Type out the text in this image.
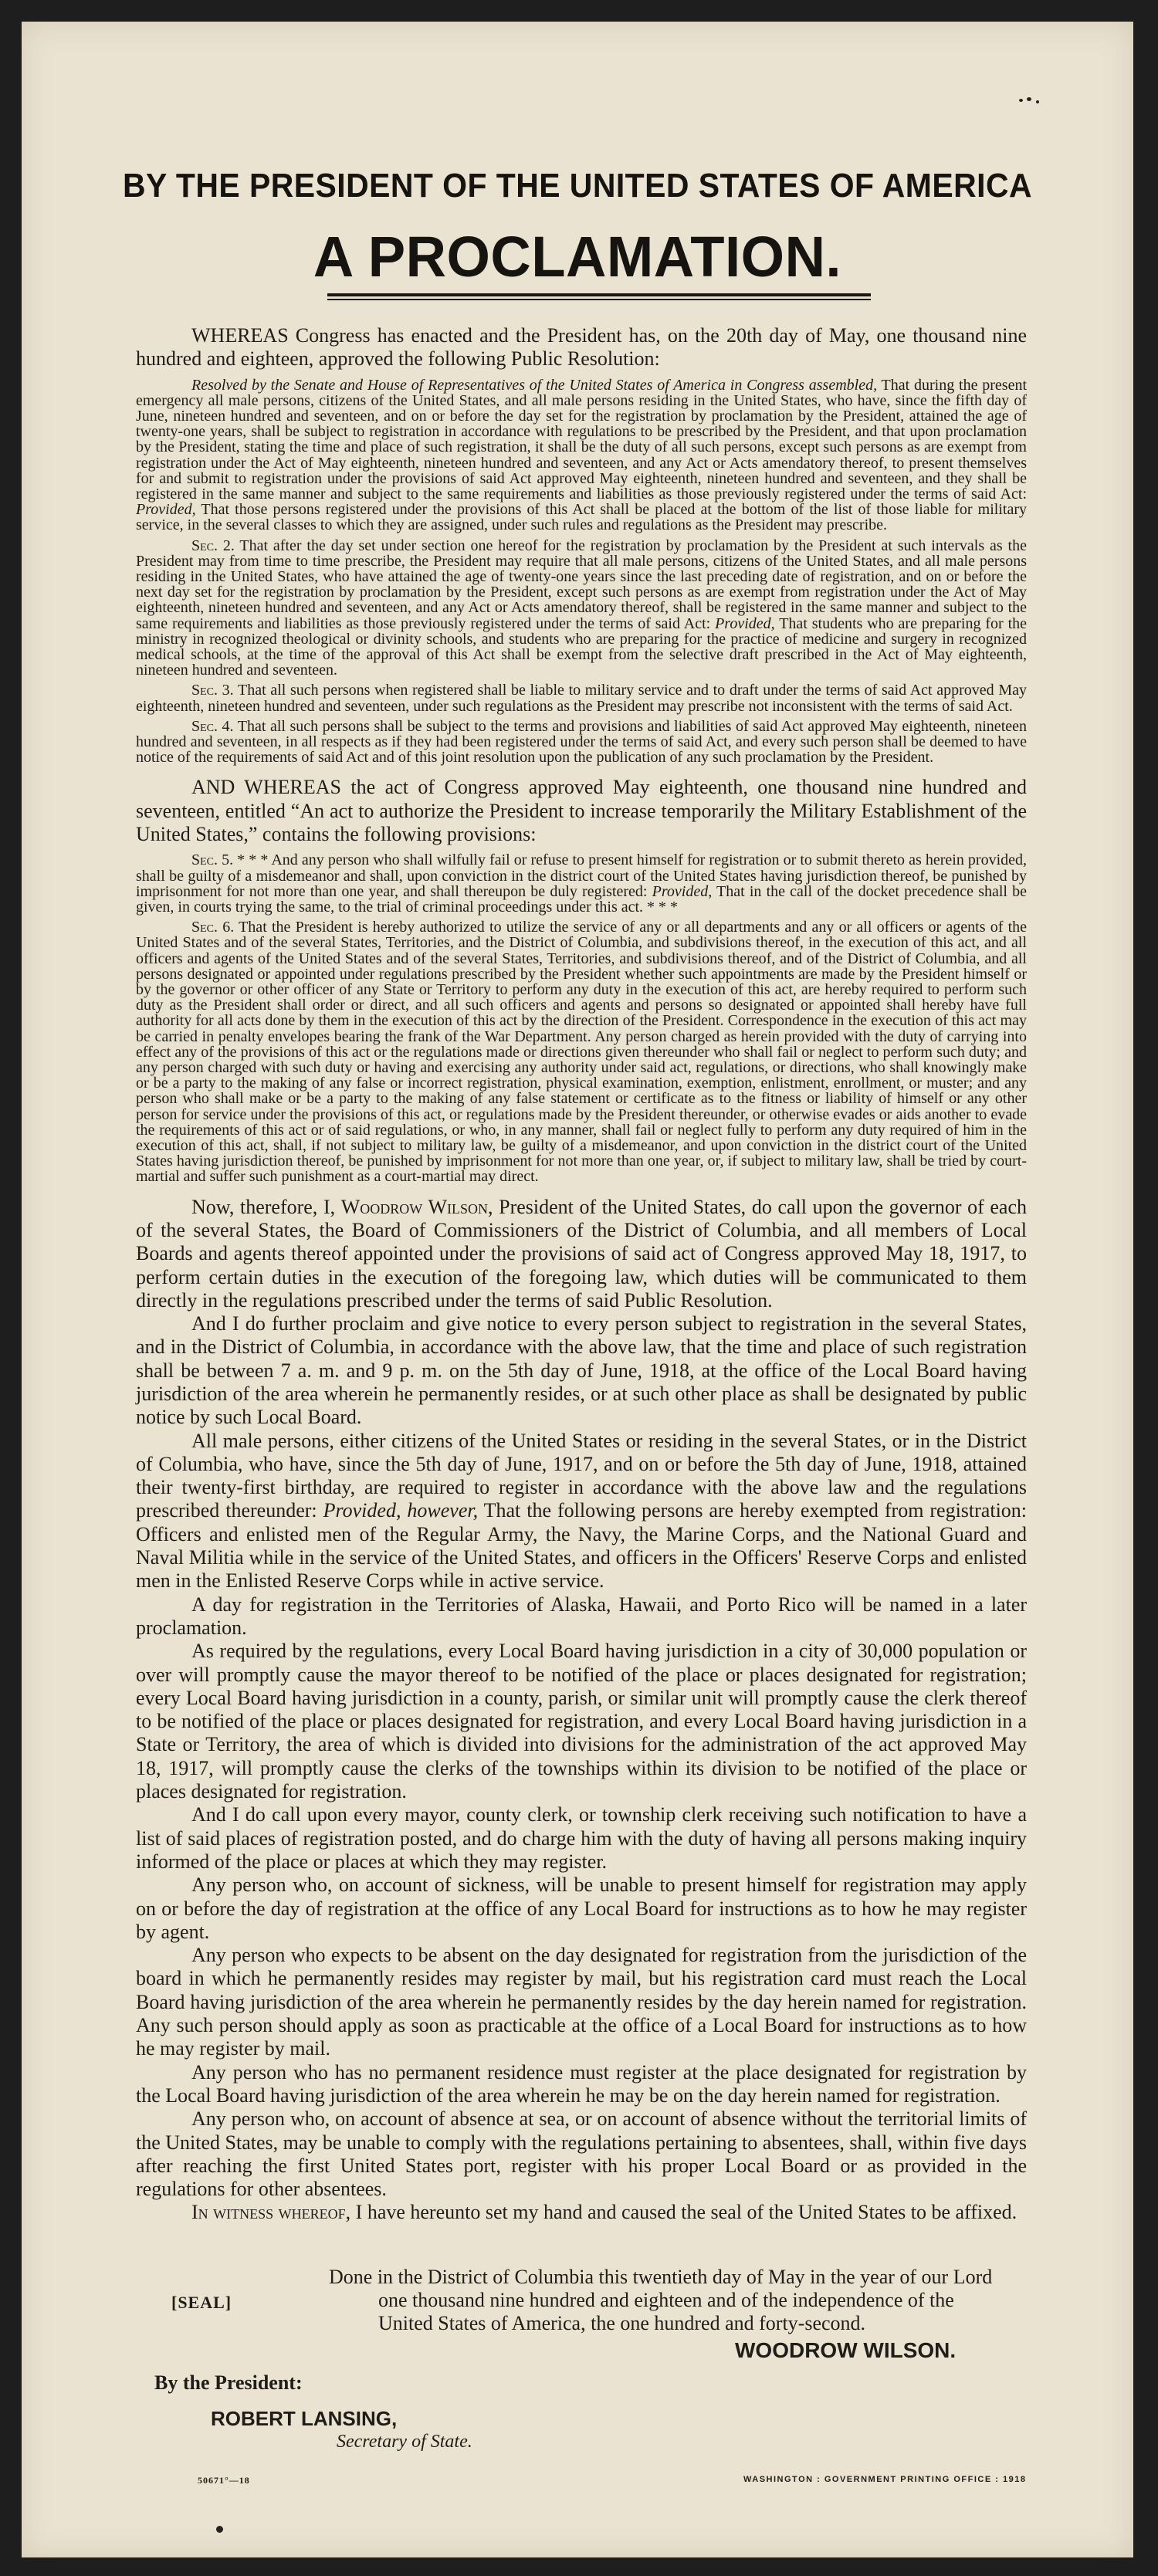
BY THE PRESIDENT OF THE UNITED STATES OF AMERICA
A PROCLAMATION.

WHEREAS Congress has enacted and the President has, on the 20th day of May, one thousand nine hundred and eighteen, approved the following Public Resolution:

Resolved by the Senate and House of Representatives of the United States of America in Congress assembled, That during the present emergency all male persons, citizens of the United States, and all male persons residing in the United States, who have, since the fifth day of June, nineteen hundred and seventeen, and on or before the day set for the registration by proclamation by the President, attained the age of twenty-one years, shall be subject to registration in accordance with regulations to be prescribed by the President, and that upon proclamation by the President, stating the time and place of such registration, it shall be the duty of all such persons, except such persons as are exempt from registration under the Act of May eighteenth, nineteen hundred and seventeen, and any Act or Acts amendatory thereof, to present themselves for and submit to registration under the provisions of said Act approved May eighteenth, nineteen hundred and seventeen, and they shall be registered in the same manner and subject to the same requirements and liabilities as those previously registered under the terms of said Act: Provided, That those persons registered under the provisions of this Act shall be placed at the bottom of the list of those liable for military service, in the several classes to which they are assigned, under such rules and regulations as the President may prescribe.

Sec. 2. That after the day set under section one hereof for the registration by proclamation by the President at such intervals as the President may from time to time prescribe, the President may require that all male persons, citizens of the United States, and all male persons residing in the United States, who have attained the age of twenty-one years since the last preceding date of registration, and on or before the next day set for the registration by proclamation by the President, except such persons as are exempt from registration under the Act of May eighteenth, nineteen hundred and seventeen, and any Act or Acts amendatory thereof, shall be registered in the same manner and subject to the same requirements and liabilities as those previously registered under the terms of said Act: Provided, That students who are preparing for the ministry in recognized theological or divinity schools, and students who are preparing for the practice of medicine and surgery in recognized medical schools, at the time of the approval of this Act shall be exempt from the selective draft prescribed in the Act of May eighteenth, nineteen hundred and seventeen.

Sec. 3. That all such persons when registered shall be liable to military service and to draft under the terms of said Act approved May eighteenth, nineteen hundred and seventeen, under such regulations as the President may prescribe not inconsistent with the terms of said Act.

Sec. 4. That all such persons shall be subject to the terms and provisions and liabilities of said Act approved May eighteenth, nineteen hundred and seventeen, in all respects as if they had been registered under the terms of said Act, and every such person shall be deemed to have notice of the requirements of said Act and of this joint resolution upon the publication of any such proclamation by the President.

AND WHEREAS the act of Congress approved May eighteenth, one thousand nine hundred and seventeen, entitled “An act to authorize the President to increase temporarily the Military Establishment of the United States,” contains the following provisions:

Sec. 5. * * * And any person who shall wilfully fail or refuse to present himself for registration or to submit thereto as herein provided, shall be guilty of a misdemeanor and shall, upon conviction in the district court of the United States having jurisdiction thereof, be punished by imprisonment for not more than one year, and shall thereupon be duly registered: Provided, That in the call of the docket precedence shall be given, in courts trying the same, to the trial of criminal proceedings under this act. * * *

Sec. 6. That the President is hereby authorized to utilize the service of any or all departments and any or all officers or agents of the United States and of the several States, Territories, and the District of Columbia, and subdivisions thereof, in the execution of this act, and all officers and agents of the United States and of the several States, Territories, and subdivisions thereof, and of the District of Columbia, and all persons designated or appointed under regulations prescribed by the President whether such appointments are made by the President himself or by the governor or other officer of any State or Territory to perform any duty in the execution of this act, are hereby required to perform such duty as the President shall order or direct, and all such officers and agents and persons so designated or appointed shall hereby have full authority for all acts done by them in the execution of this act by the direction of the President. Correspondence in the execution of this act may be carried in penalty envelopes bearing the frank of the War Department. Any person charged as herein provided with the duty of carrying into effect any of the provisions of this act or the regulations made or directions given thereunder who shall fail or neglect to perform such duty; and any person charged with such duty or having and exercising any authority under said act, regulations, or directions, who shall knowingly make or be a party to the making of any false or incorrect registration, physical examination, exemption, enlistment, enrollment, or muster; and any person who shall make or be a party to the making of any false statement or certificate as to the fitness or liability of himself or any other person for service under the provisions of this act, or regulations made by the President thereunder, or otherwise evades or aids another to evade the requirements of this act or of said regulations, or who, in any manner, shall fail or neglect fully to perform any duty required of him in the execution of this act, shall, if not subject to military law, be guilty of a misdemeanor, and upon conviction in the district court of the United States having jurisdiction thereof, be punished by imprisonment for not more than one year, or, if subject to military law, shall be tried by court-martial and suffer such punishment as a court-martial may direct.

Now, therefore, I, Woodrow Wilson, President of the United States, do call upon the governor of each of the several States, the Board of Commissioners of the District of Columbia, and all members of Local Boards and agents thereof appointed under the provisions of said act of Congress approved May 18, 1917, to perform certain duties in the execution of the foregoing law, which duties will be communicated to them directly in the regulations prescribed under the terms of said Public Resolution.

And I do further proclaim and give notice to every person subject to registration in the several States, and in the District of Columbia, in accordance with the above law, that the time and place of such registration shall be between 7 a. m. and 9 p. m. on the 5th day of June, 1918, at the office of the Local Board having jurisdiction of the area wherein he permanently resides, or at such other place as shall be designated by public notice by such Local Board.

All male persons, either citizens of the United States or residing in the several States, or in the District of Columbia, who have, since the 5th day of June, 1917, and on or before the 5th day of June, 1918, attained their twenty-first birthday, are required to register in accordance with the above law and the regulations prescribed thereunder: Provided, however, That the following persons are hereby exempted from registration: Officers and enlisted men of the Regular Army, the Navy, the Marine Corps, and the National Guard and Naval Militia while in the service of the United States, and officers in the Officers' Reserve Corps and enlisted men in the Enlisted Reserve Corps while in active service.

A day for registration in the Territories of Alaska, Hawaii, and Porto Rico will be named in a later proclamation.

As required by the regulations, every Local Board having jurisdiction in a city of 30,000 population or over will promptly cause the mayor thereof to be notified of the place or places designated for registration; every Local Board having jurisdiction in a county, parish, or similar unit will promptly cause the clerk thereof to be notified of the place or places designated for registration, and every Local Board having jurisdiction in a State or Territory, the area of which is divided into divisions for the administration of the act approved May 18, 1917, will promptly cause the clerks of the townships within its division to be notified of the place or places designated for registration.

And I do call upon every mayor, county clerk, or township clerk receiving such notification to have a list of said places of registration posted, and do charge him with the duty of having all persons making inquiry informed of the place or places at which they may register.

Any person who, on account of sickness, will be unable to present himself for registration may apply on or before the day of registration at the office of any Local Board for instructions as to how he may register by agent.

Any person who expects to be absent on the day designated for registration from the jurisdiction of the board in which he permanently resides may register by mail, but his registration card must reach the Local Board having jurisdiction of the area wherein he permanently resides by the day herein named for registration. Any such person should apply as soon as practicable at the office of a Local Board for instructions as to how he may register by mail.

Any person who has no permanent residence must register at the place designated for registration by the Local Board having jurisdiction of the area wherein he may be on the day herein named for registration.

Any person who, on account of absence at sea, or on account of absence without the territorial limits of the United States, may be unable to comply with the regulations pertaining to absentees, shall, within five days after reaching the first United States port, register with his proper Local Board or as provided in the regulations for other absentees.

In witness whereof, I have hereunto set my hand and caused the seal of the United States to be affixed.

[SEAL]
Done in the District of Columbia this twentieth day of May in the year of our Lord
one thousand nine hundred and eighteen and of the independence of the
United States of America, the one hundred and forty-second.
WOODROW WILSON.
By the President:
ROBERT LANSING,
Secretary of State.
50671°—18	WASHINGTON : GOVERNMENT PRINTING OFFICE : 1918
